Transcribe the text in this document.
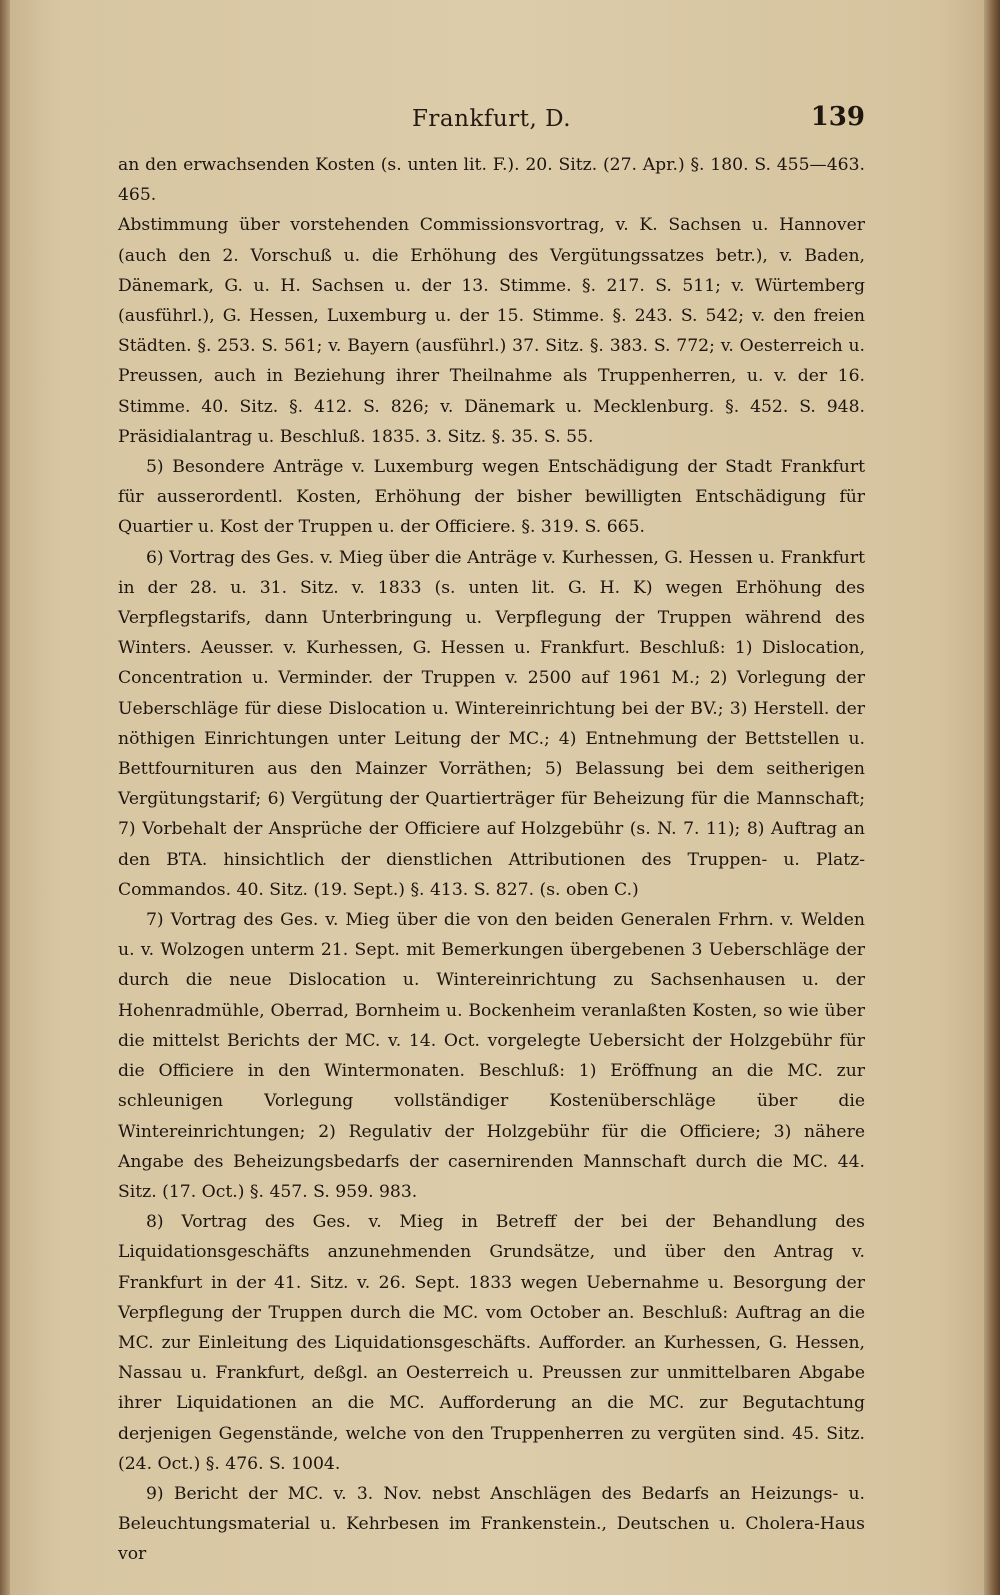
Frankfurt, D.	139

an den erwachsenden Kosten (s. unten lit. F.). 20. Sitz. (27. Apr.) §. 180. S. 455—463. 465.

Abstimmung über vorstehenden Commissionsvortrag, v. K. Sachsen u. Hannover (auch den 2. Vorschuß u. die Erhöhung des Vergütungssatzes betr.), v. Baden, Dänemark, G. u. H. Sachsen u. der 13. Stimme. §. 217. S. 511; v. Würtemberg (ausführl.), G. Hessen, Luxemburg u. der 15. Stimme. §. 243. S. 542; v. den freien Städten. §. 253. S. 561; v. Bayern (ausführl.) 37. Sitz. §. 383. S. 772; v. Oesterreich u. Preussen, auch in Beziehung ihrer Theilnahme als Truppenherren, u. v. der 16. Stimme. 40. Sitz. §. 412. S. 826; v. Dänemark u. Mecklenburg. §. 452. S. 948. Präsidialantrag u. Beschluß. 1835. 3. Sitz. §. 35. S. 55.

5) Besondere Anträge v. Luxemburg wegen Entschädigung der Stadt Frankfurt für ausserordentl. Kosten, Erhöhung der bisher bewilligten Entschädigung für Quartier u. Kost der Truppen u. der Officiere. §. 319. S. 665.

6) Vortrag des Ges. v. Mieg über die Anträge v. Kurhessen, G. Hessen u. Frankfurt in der 28. u. 31. Sitz. v. 1833 (s. unten lit. G. H. K) wegen Erhöhung des Verpflegstarifs, dann Unterbringung u. Verpflegung der Truppen während des Winters. Aeusser. v. Kurhessen, G. Hessen u. Frankfurt. Beschluß: 1) Dislocation, Concentration u. Verminder. der Truppen v. 2500 auf 1961 M.; 2) Vorlegung der Ueberschläge für diese Dislocation u. Wintereinrichtung bei der BV.; 3) Herstell. der nöthigen Einrichtungen unter Leitung der MC.; 4) Entnehmung der Bettstellen u. Bettfournituren aus den Mainzer Vorräthen; 5) Belassung bei dem seitherigen Vergütungstarif; 6) Vergütung der Quartierträger für Beheizung für die Mannschaft; 7) Vorbehalt der Ansprüche der Officiere auf Holzgebühr (s. N. 7. 11); 8) Auftrag an den BTA. hinsichtlich der dienstlichen Attributionen des Truppen- u. Platz-Commandos. 40. Sitz. (19. Sept.) §. 413. S. 827. (s. oben C.)

7) Vortrag des Ges. v. Mieg über die von den beiden Generalen Frhrn. v. Welden u. v. Wolzogen unterm 21. Sept. mit Bemerkungen übergebenen 3 Ueberschläge der durch die neue Dislocation u. Wintereinrichtung zu Sachsenhausen u. der Hohenradmühle, Oberrad, Bornheim u. Bockenheim veranlaßten Kosten, so wie über die mittelst Berichts der MC. v. 14. Oct. vorgelegte Uebersicht der Holzgebühr für die Officiere in den Wintermonaten. Beschluß: 1) Eröffnung an die MC. zur schleunigen Vorlegung vollständiger Kostenüberschläge über die Wintereinrichtungen; 2) Regulativ der Holzgebühr für die Officiere; 3) nähere Angabe des Beheizungsbedarfs der casernirenden Mannschaft durch die MC. 44. Sitz. (17. Oct.) §. 457. S. 959. 983.

8) Vortrag des Ges. v. Mieg in Betreff der bei der Behandlung des Liquidationsgeschäfts anzunehmenden Grundsätze, und über den Antrag v. Frankfurt in der 41. Sitz. v. 26. Sept. 1833 wegen Uebernahme u. Besorgung der Verpflegung der Truppen durch die MC. vom October an. Beschluß: Auftrag an die MC. zur Einleitung des Liquidationsgeschäfts. Aufforder. an Kurhessen, G. Hessen, Nassau u. Frankfurt, deßgl. an Oesterreich u. Preussen zur unmittelbaren Abgabe ihrer Liquidationen an die MC. Aufforderung an die MC. zur Begutachtung derjenigen Gegenstände, welche von den Truppenherren zu vergüten sind. 45. Sitz. (24. Oct.) §. 476. S. 1004.

9) Bericht der MC. v. 3. Nov. nebst Anschlägen des Bedarfs an Heizungs- u. Beleuchtungsmaterial u. Kehrbesen im Frankenstein., Deutschen u. Cholera-Haus vor
